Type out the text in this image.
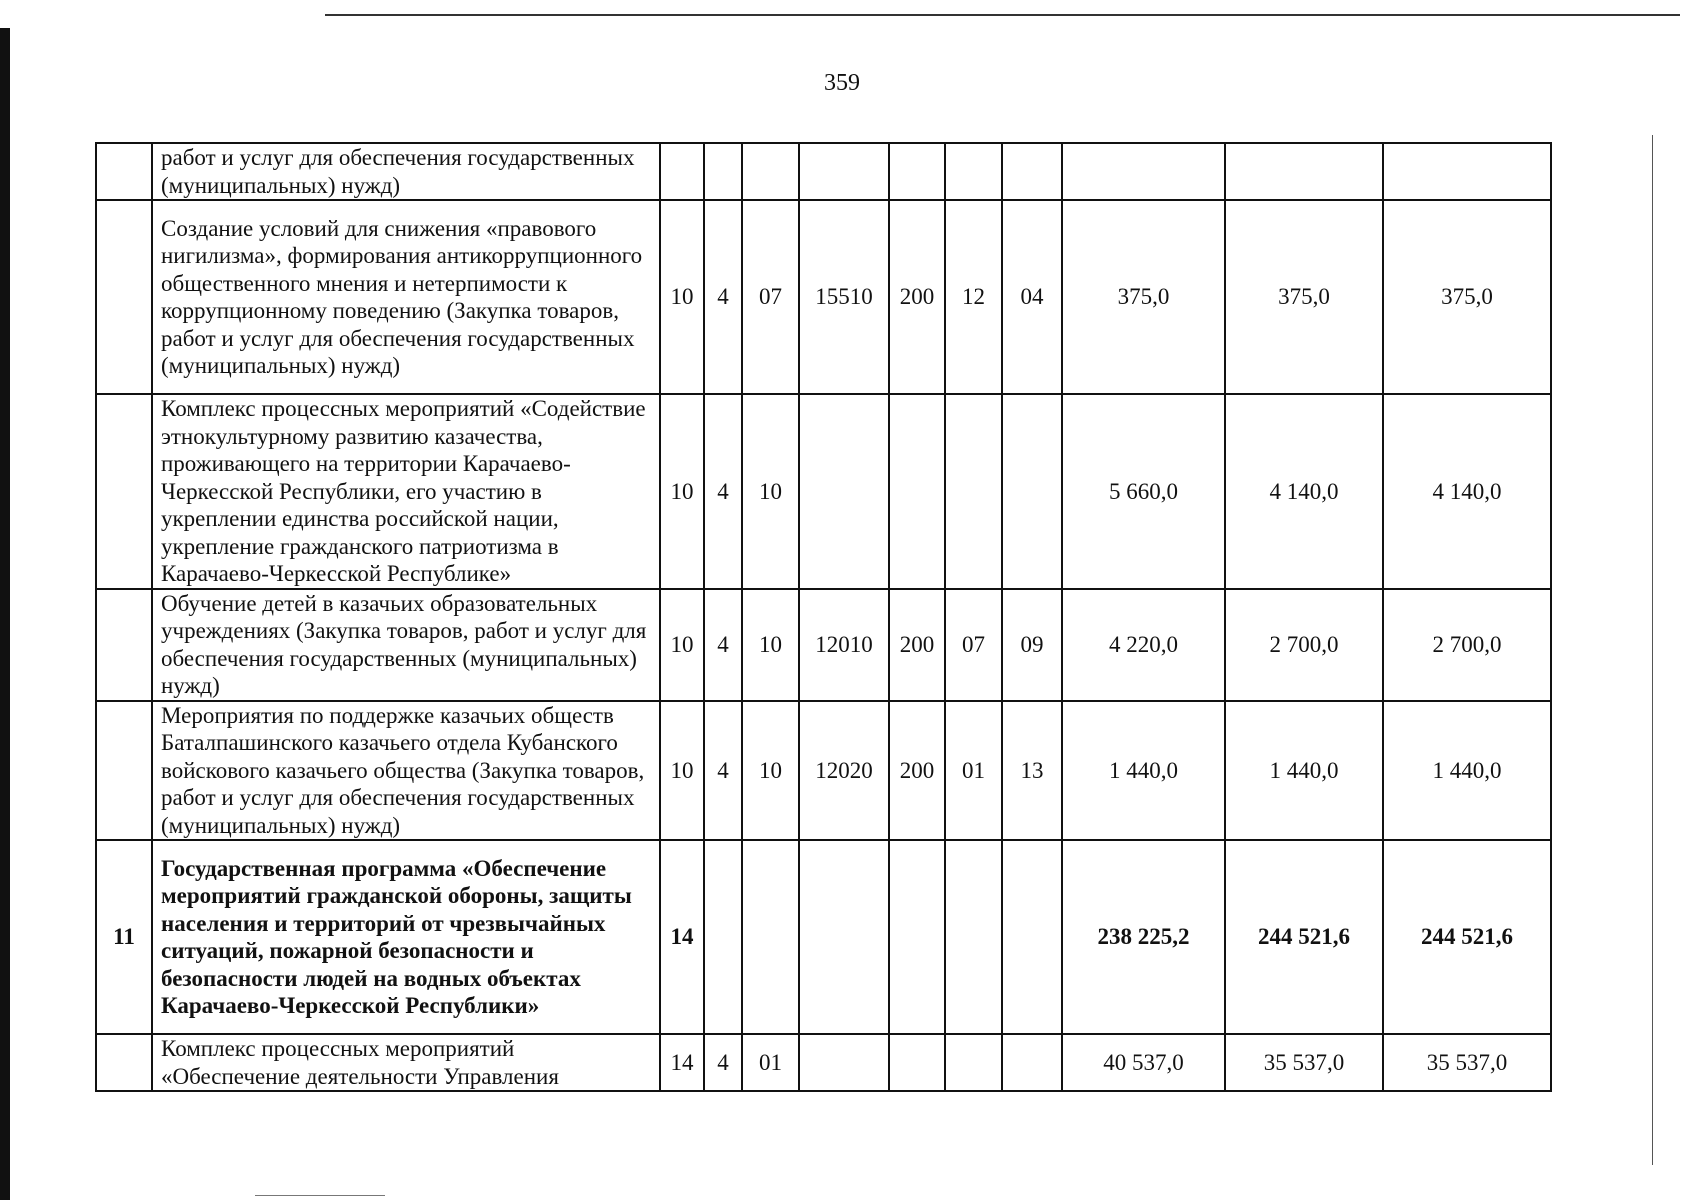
359
	работ и услуг для обеспечения государственных (муниципальных) нужд)										
	Создание условий для снижения «правового нигилизма», формирования антикоррупционного общественного мнения и нетерпимости к коррупционному поведению (Закупка товаров, работ и услуг для обеспечения государственных (муниципальных) нужд)	10	4	07	15510	200	12	04	375,0	375,0	375,0
	Комплекс процессных мероприятий «Содействие этнокультурному развитию казачества, проживающего на территории Карачаево-Черкесской Республики, его участию в укреплении единства российской нации, укрепление гражданского патриотизма в Карачаево-Черкесской Республике»	10	4	10					5 660,0	4 140,0	4 140,0
	Обучение детей в казачьих образовательных учреждениях (Закупка товаров, работ и услуг для обеспечения государственных (муниципальных) нужд)	10	4	10	12010	200	07	09	4 220,0	2 700,0	2 700,0
	Мероприятия по поддержке казачьих обществ Баталпашинского казачьего отдела Кубанского войскового казачьего общества (Закупка товаров, работ и услуг для обеспечения государственных (муниципальных) нужд)	10	4	10	12020	200	01	13	1 440,0	1 440,0	1 440,0
11	Государственная программа «Обеспечение мероприятий гражданской обороны, защиты населения и территорий от чрезвычайных ситуаций, пожарной безопасности и безопасности людей на водных объектах Карачаево-Черкесской Республики»	14							238 225,2	244 521,6	244 521,6
	Комплекс процессных мероприятий «Обеспечение деятельности Управления	14	4	01					40 537,0	35 537,0	35 537,0
